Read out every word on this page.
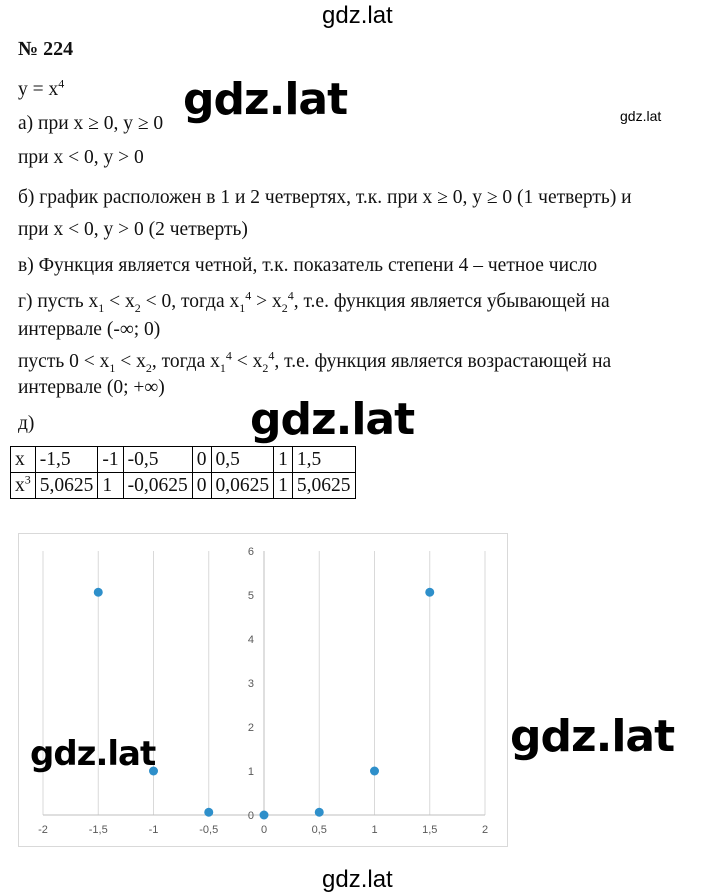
gdz.lat
gdz.lat	gdz.lat
gdz.lat
№ 224
$y = x^4$
а) при x ≥ 0, y ≥ 0
при x < 0, y > 0
б) график расположен в 1 и 2 четвертях, т.к. при x ≥ 0, y ≥ 0 (1 четверть) и
при x < 0, y > 0 (2 четверть)
в) Функция является четной, т.к. показатель степени 4 – четное число
г) пусть $x_1 < x_2 < 0$, тогда $x_1^4 > x_2^4$, т.е. функция является убывающей на
интервале (-∞; 0)
пусть $0 < x_1 < x_2$, тогда $x_1^4 < x_2^4$, т.е. функция является возрастающей на
интервале (0; +∞)
д)
x	-1,5	-1	-0,5	0	0,5	1	1,5
$x^3$	5,0625	1	-0,0625	0	0,0625	1	5,0625
-2	-1,5	-1	-0,5	0	0,5	1	1,5	2
0
1
2
3
4
5
6
gdz.lat	gdz.lat
gdz.lat
